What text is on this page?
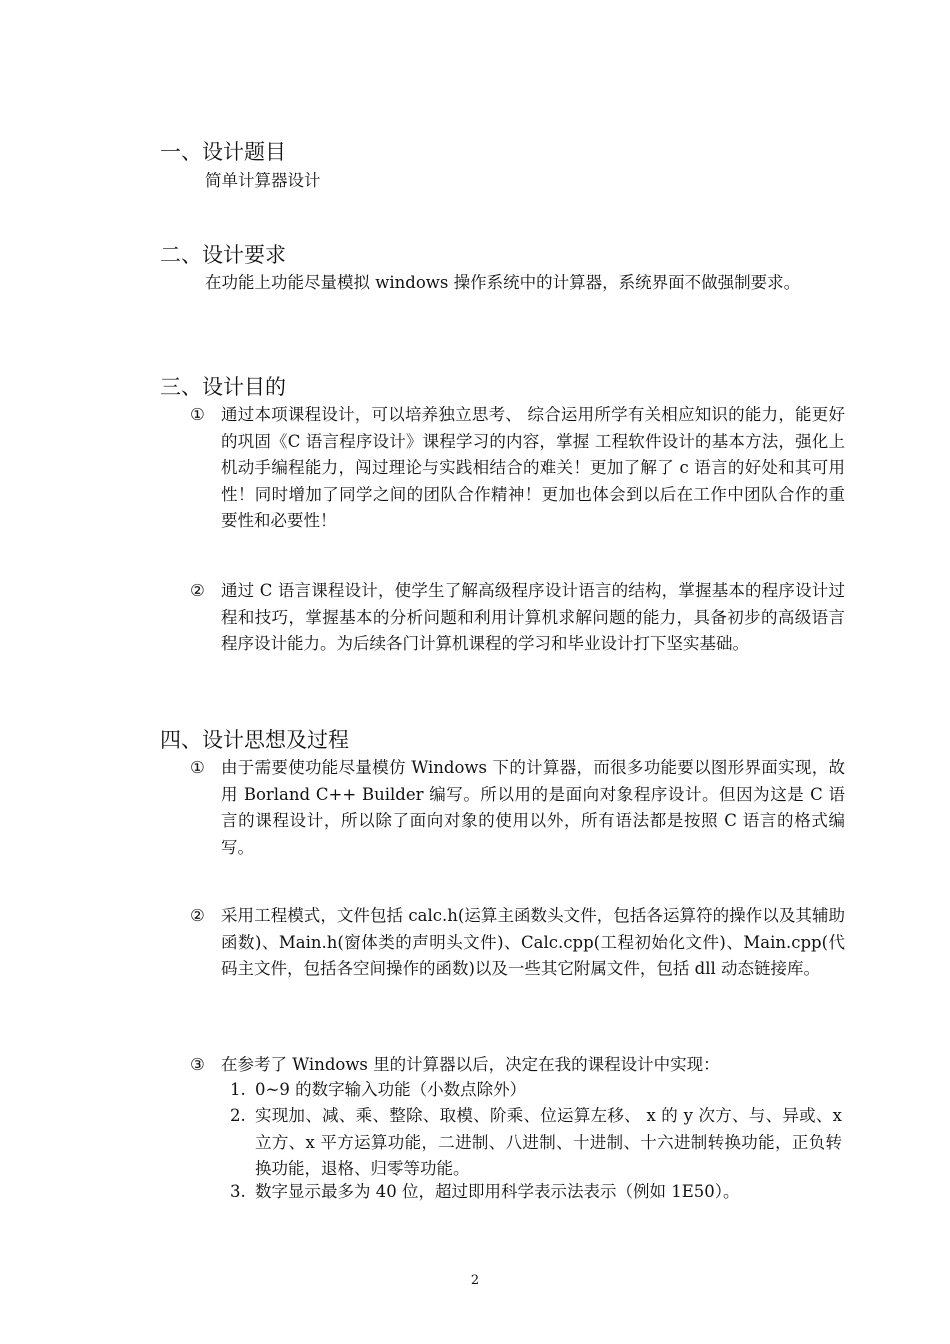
一、设计题目
简单计算器设计
二、设计要求
在功能上功能尽量模拟 windows 操作系统中的计算器，系统界面不做强制要求。
三、设计目的
① 通过本项课程设计，可以培养独立思考、 综合运用所学有关相应知识的能力，能更好的巩固《C 语言程序设计》课程学习的内容，掌握 工程软件设计的基本方法，强化上机动手编程能力，闯过理论与实践相结合的难关！更加了解了 c 语言的好处和其可用性！同时增加了同学之间的团队合作精神！更加也体会到以后在工作中团队合作的重要性和必要性！
② 通过 C 语言课程设计，使学生了解高级程序设计语言的结构，掌握基本的程序设计过程和技巧，掌握基本的分析问题和利用计算机求解问题的能力，具备初步的高级语言程序设计能力。为后续各门计算机课程的学习和毕业设计打下坚实基础。
四、设计思想及过程
① 由于需要使功能尽量模仿 Windows 下的计算器，而很多功能要以图形界面实现，故用 Borland C++ Builder 编写。所以用的是面向对象程序设计。但因为这是 C 语言的课程设计，所以除了面向对象的使用以外，所有语法都是按照 C 语言的格式编写。
② 采用工程模式，文件包括 calc.h(运算主函数头文件，包括各运算符的操作以及其辅助函数)、Main.h(窗体类的声明头文件)、Calc.cpp(工程初始化文件)、Main.cpp(代码主文件，包括各空间操作的函数)以及一些其它附属文件，包括 dll 动态链接库。
③ 在参考了 Windows 里的计算器以后，决定在我的课程设计中实现：
1. 0~9 的数字输入功能（小数点除外）
2. 实现加、减、乘、整除、取模、阶乘、位运算左移、 x 的 y 次方、与、异或、x 立方、x 平方运算功能，二进制、八进制、十进制、十六进制转换功能，正负转换功能，退格、归零等功能。
3. 数字显示最多为 40 位，超过即用科学表示法表示（例如 1E50）。
2
